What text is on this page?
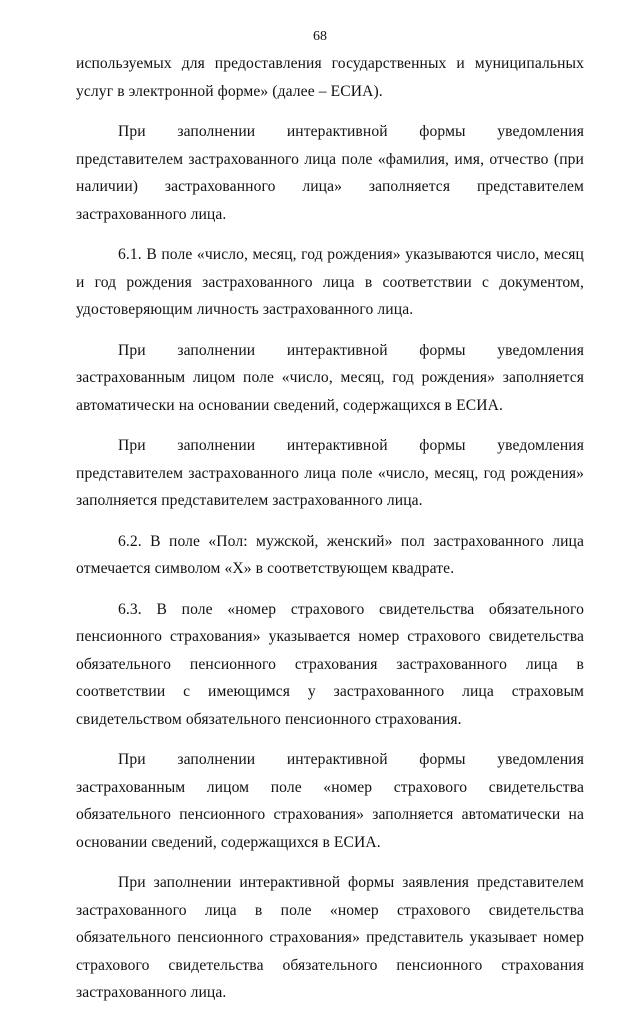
68

используемых для предоставления государственных и муниципальных услуг в электронной форме» (далее – ЕСИА).

При заполнении интерактивной формы уведомления представителем застрахованного лица поле «фамилия, имя, отчество (при наличии) застрахованного лица» заполняется представителем застрахованного лица.

6.1. В поле «число, месяц, год рождения» указываются число, месяц и год рождения застрахованного лица в соответствии с документом, удостоверяющим личность застрахованного лица.

При заполнении интерактивной формы уведомления застрахованным лицом поле «число, месяц, год рождения» заполняется автоматически на основании сведений, содержащихся в ЕСИА.

При заполнении интерактивной формы уведомления представителем застрахованного лица поле «число, месяц, год рождения» заполняется представителем застрахованного лица.

6.2. В поле «Пол: мужской, женский» пол застрахованного лица отмечается символом «X» в соответствующем квадрате.

6.3. В поле «номер страхового свидетельства обязательного пенсионного страхования» указывается номер страхового свидетельства обязательного пенсионного страхования застрахованного лица в соответствии с имеющимся у застрахованного лица страховым свидетельством обязательного пенсионного страхования.

При заполнении интерактивной формы уведомления застрахованным лицом поле «номер страхового свидетельства обязательного пенсионного страхования» заполняется автоматически на основании сведений, содержащихся в ЕСИА.

При заполнении интерактивной формы заявления представителем застрахованного лица в поле «номер страхового свидетельства обязательного пенсионного страхования» представитель указывает номер страхового свидетельства обязательного пенсионного страхования застрахованного лица.
